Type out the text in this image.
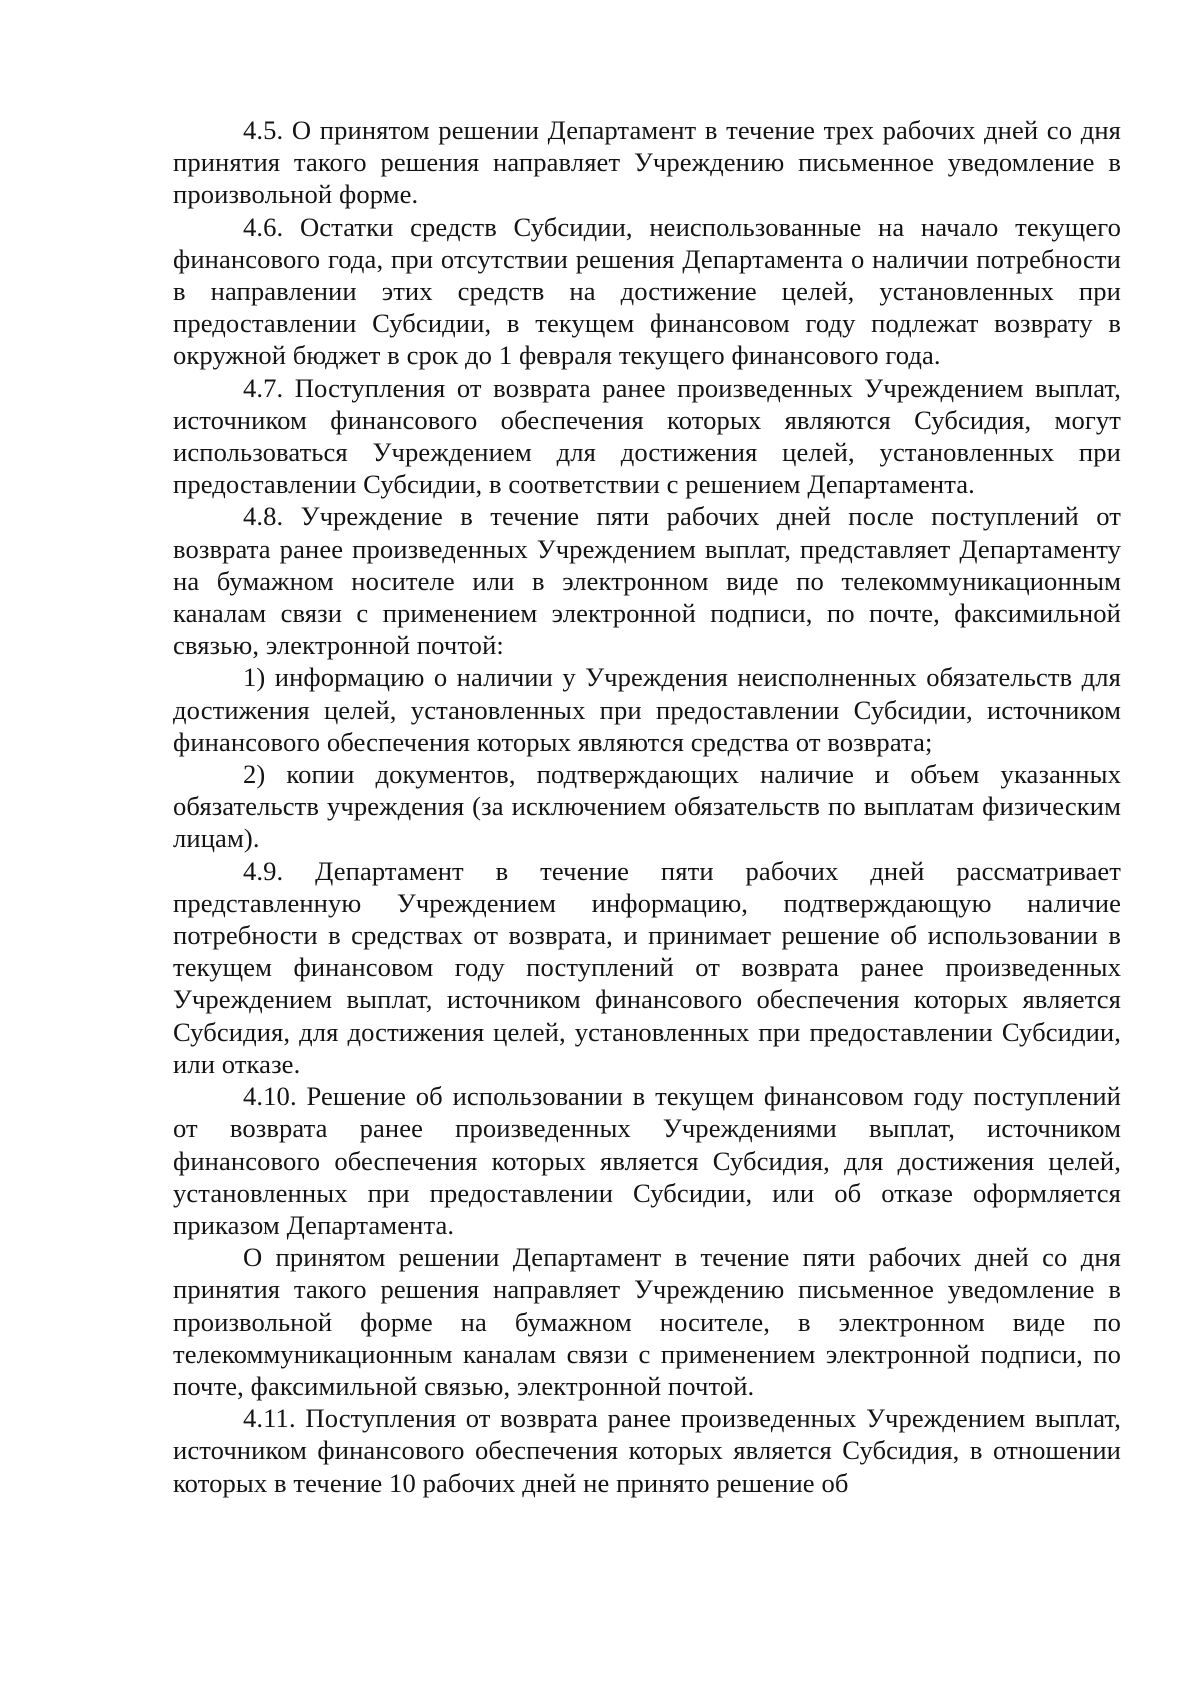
4.5. О принятом решении Департамент в течение трех рабочих дней со дня принятия такого решения направляет Учреждению письменное уведомление в произвольной форме.

4.6. Остатки средств Субсидии, неиспользованные на начало текущего финансового года, при отсутствии решения Департамента о наличии потребности в направлении этих средств на достижение целей, установленных при предоставлении Субсидии, в текущем финансовом году подлежат возврату в окружной бюджет в срок до 1 февраля текущего финансового года.

4.7. Поступления от возврата ранее произведенных Учреждением выплат, источником финансового обеспечения которых являются Субсидия, могут использоваться Учреждением для достижения целей, установленных при предоставлении Субсидии, в соответствии с решением Департамента.

4.8. Учреждение в течение пяти рабочих дней после поступлений от возврата ранее произведенных Учреждением выплат, представляет Департаменту на бумажном носителе или в электронном виде по телекоммуникационным каналам связи с применением электронной подписи, по почте, факсимильной связью, электронной почтой:

1) информацию о наличии у Учреждения неисполненных обязательств для достижения целей, установленных при предоставлении Субсидии, источником финансового обеспечения которых являются средства от возврата;

2) копии документов, подтверждающих наличие и объем указанных обязательств учреждения (за исключением обязательств по выплатам физическим лицам).

4.9. Департамент в течение пяти рабочих дней рассматривает представленную Учреждением информацию, подтверждающую наличие потребности в средствах от возврата, и принимает решение об использовании в текущем финансовом году поступлений от возврата ранее произведенных Учреждением выплат, источником финансового обеспечения которых является Субсидия, для достижения целей, установленных при предоставлении Субсидии, или отказе.

4.10. Решение об использовании в текущем финансовом году поступлений от возврата ранее произведенных Учреждениями выплат, источником финансового обеспечения которых является Субсидия, для достижения целей, установленных при предоставлении Субсидии, или об отказе оформляется приказом Департамента.

О принятом решении Департамент в течение пяти рабочих дней со дня принятия такого решения направляет Учреждению письменное уведомление в произвольной форме на бумажном носителе, в электронном виде по телекоммуникационным каналам связи с применением электронной подписи, по почте, факсимильной связью, электронной почтой.

4.11. Поступления от возврата ранее произведенных Учреждением выплат, источником финансового обеспечения которых является Субсидия, в отношении которых в течение 10 рабочих дней не принято решение об
